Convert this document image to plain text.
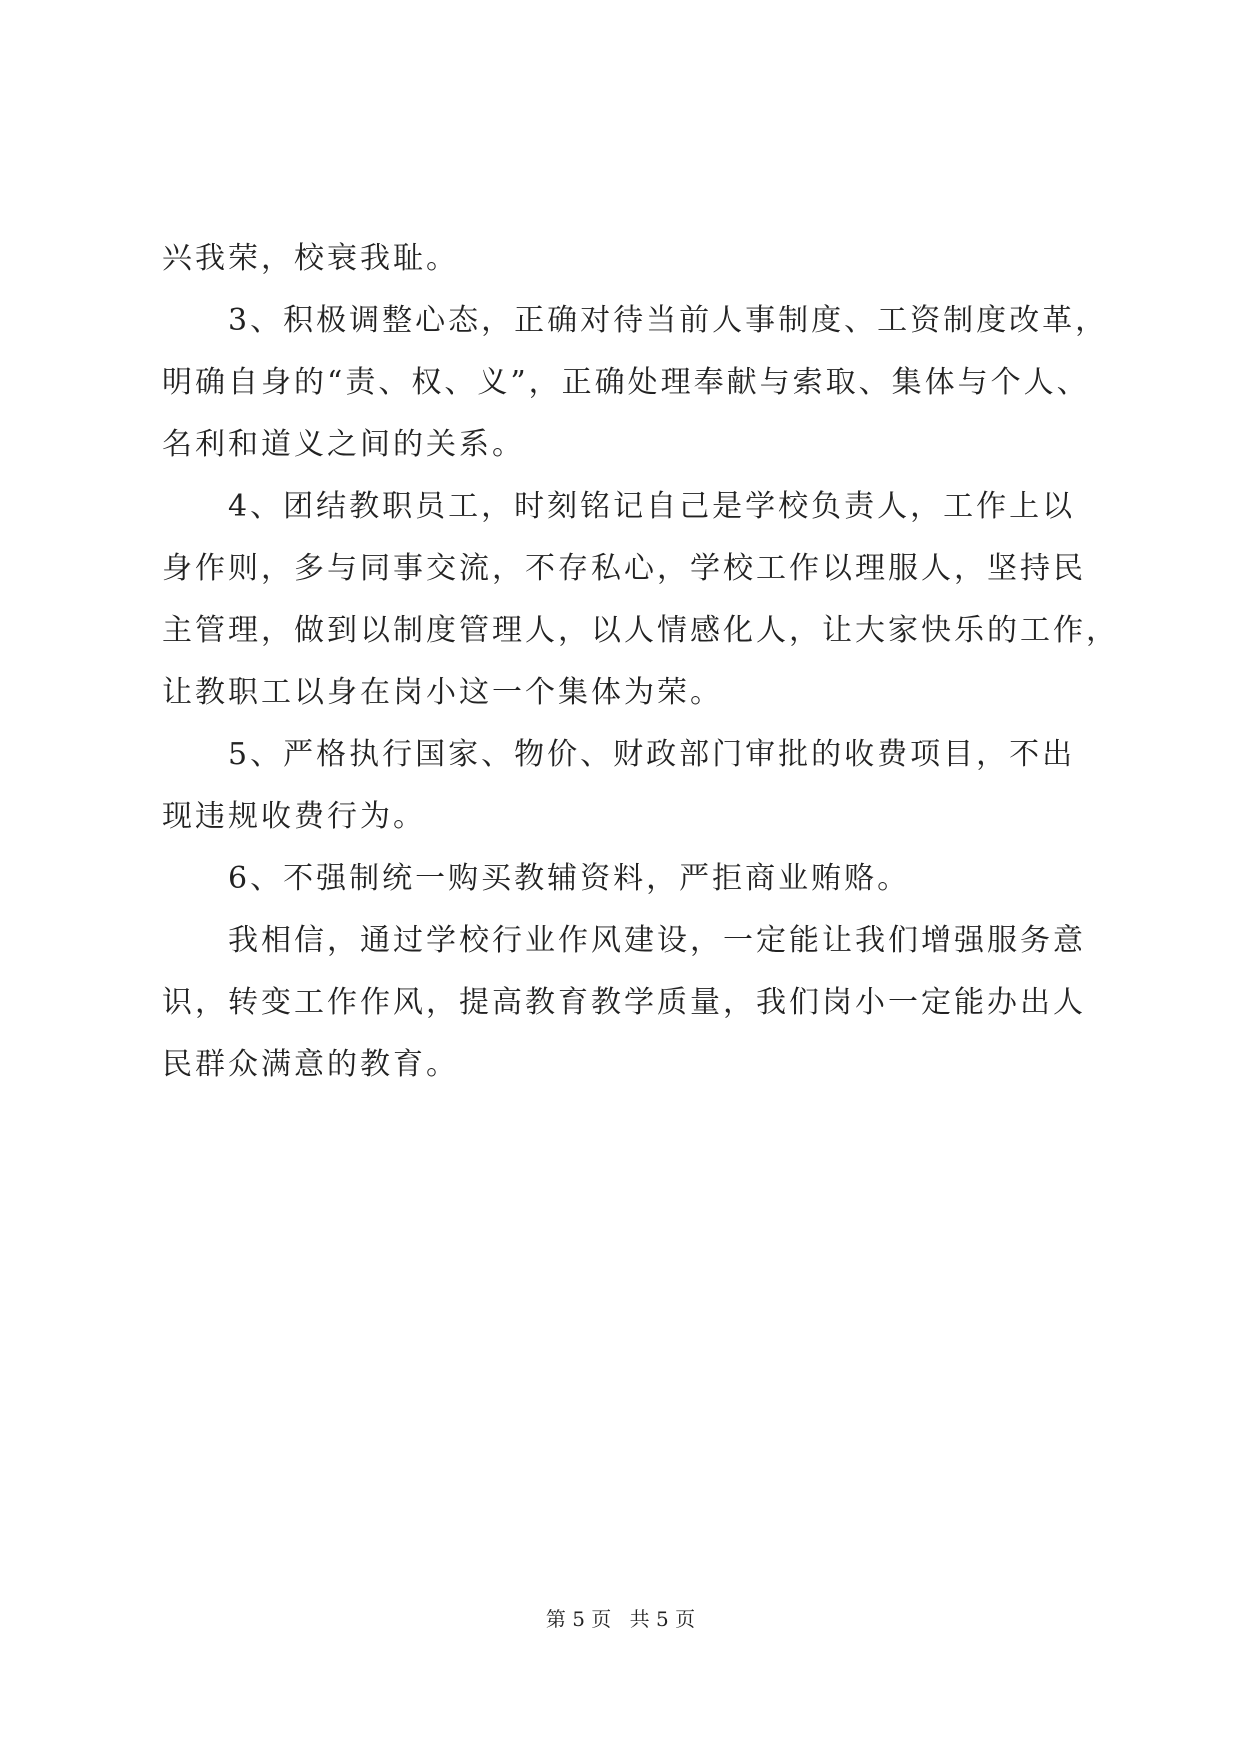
兴我荣，校衰我耻。
3、积极调整心态，正确对待当前人事制度、工资制度改革，
明确自身的“责、权、义”，正确处理奉献与索取、集体与个人、
名利和道义之间的关系。
4、团结教职员工，时刻铭记自己是学校负责人，工作上以
身作则，多与同事交流，不存私心，学校工作以理服人，坚持民
主管理，做到以制度管理人，以人情感化人，让大家快乐的工作，
让教职工以身在岗小这一个集体为荣。
5、严格执行国家、物价、财政部门审批的收费项目，不出
现违规收费行为。
6、不强制统一购买教辅资料，严拒商业贿赂。
我相信，通过学校行业作风建设，一定能让我们增强服务意
识，转变工作作风，提高教育教学质量，我们岗小一定能办出人
民群众满意的教育。
第 5 页 共 5 页
